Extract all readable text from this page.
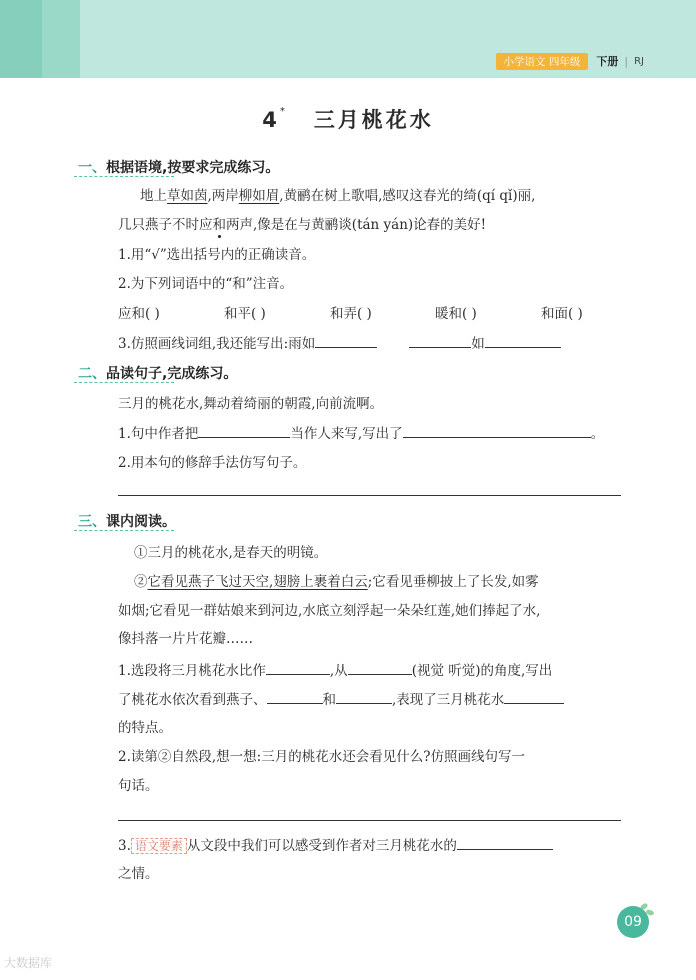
小学语文 四年级	下册 | RJ
4 * 三月桃花水
一、根据语境,按要求完成练习。
地上草如茵,两岸柳如眉,黄鹂在树上歌唱,感叹这春光的绮(qí qǐ)丽,
几只燕子不时应和两声,像是在与黄鹂谈(tán yán)论春的美好!
1.用“√”选出括号内的正确读音。
2.为下列词语中的“和”注音。
应和( )	和平( )	和弄( )	暖和( )	和面( )
3.仿照画线词组,我还能写出:雨如	如
二、品读句子,完成练习。
三月的桃花水,舞动着绮丽的朝霞,向前流啊。
1.句中作者把	当作人来写,写出了	。
2.用本句的修辞手法仿写句子。
三、课内阅读。
①三月的桃花水,是春天的明镜。
②它看见燕子飞过天空,翅膀上裹着白云;它看见垂柳披上了长发,如雾
如烟;它看见一群姑娘来到河边,水底立刻浮起一朵朵红莲,她们捧起了水,
像抖落一片片花瓣……
1.选段将三月桃花水比作	,从	(视觉 听觉)的角度,写出
了桃花水依次看到燕子、	和	,表现了三月桃花水
的特点。
2.读第②自然段,想一想:三月的桃花水还会看见什么?仿照画线句写一
句话。
3. 语文要素 从文段中我们可以感受到作者对三月桃花水的
之情。
09
大数据库
